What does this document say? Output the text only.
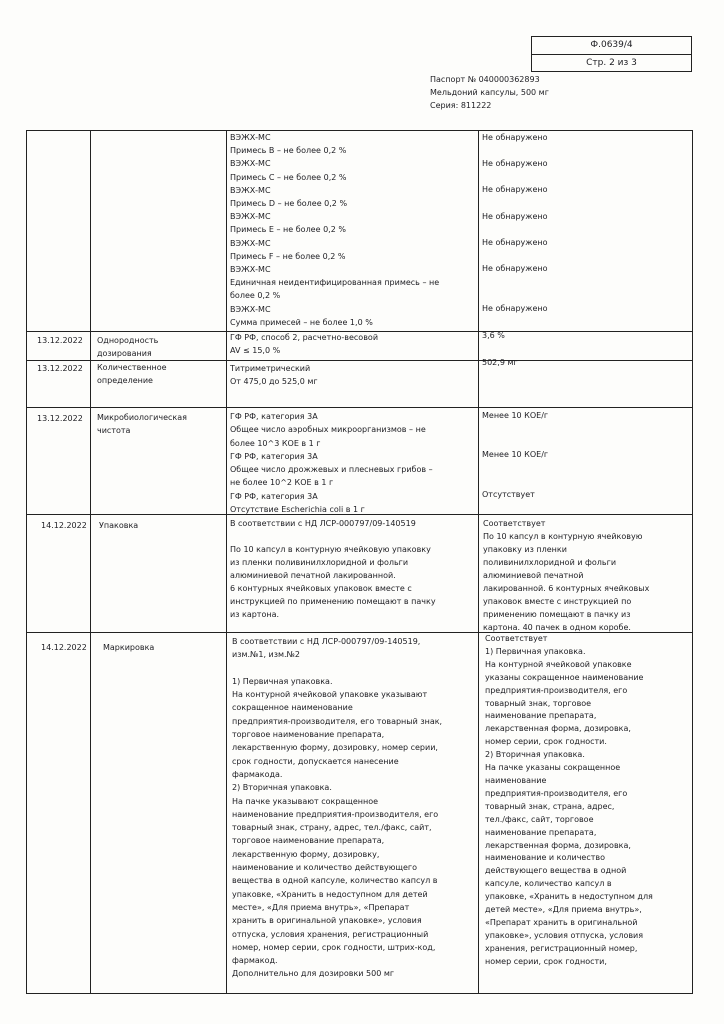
Ф.0639/4
Стр. 2 из 3
Паспорт № 040000362893
Мельдоний капсулы, 500 мг
Серия: 811222
ВЭЖХ-МС
Примесь B – не более 0,2 %
ВЭЖХ-МС
Примесь C – не более 0,2 %
ВЭЖХ-МС
Примесь D – не более 0,2 %
ВЭЖХ-МС
Примесь E – не более 0,2 %
ВЭЖХ-МС
Примесь F – не более 0,2 %
ВЭЖХ-МС
Единичная неидентифицированная примесь – не
более 0,2 %
ВЭЖХ-МС
Сумма примесей – не более 1,0 %
Не обнаружено
Не обнаружено
Не обнаружено
Не обнаружено
Не обнаружено
Не обнаружено
Не обнаружено
13.12.2022 Однородность
дозирования
ГФ РФ, способ 2, расчетно-весовой
AV ≤ 15,0 %
3,6 %
13.12.2022 Количественное
определение
Титриметрический
От 475,0 до 525,0 мг
502,9 мг
13.12.2022 Микробиологическая
чистота
ГФ РФ, категория 3А
Общее число аэробных микроорганизмов – не
более 10^3 КОЕ в 1 г
ГФ РФ, категория 3А
Общее число дрожжевых и плесневых грибов –
не более 10^2 КОЕ в 1 г
ГФ РФ, категория 3А
Отсутствие Escherichia coli в 1 г
Менее 10 КОЕ/г
Менее 10 КОЕ/г
Отсутствует
14.12.2022 Упаковка	В соответствии с НД ЛСР-000797/09-140519

По 10 капсул в контурную ячейковую упаковку
из пленки поливинилхлоридной и фольги
алюминиевой печатной лакированной.
6 контурных ячейковых упаковок вместе с
инструкцией по применению помещают в пачку
из картона.
Соответствует
По 10 капсул в контурную ячейковую
упаковку из пленки
поливинилхлоридной и фольги
алюминиевой печатной
лакированной. 6 контурных ячейковых
упаковок вместе с инструкцией по
применению помещают в пачку из
картона. 40 пачек в одном коробе.
14.12.2022 Маркировка
В соответствии с НД ЛСР-000797/09-140519,
изм.№1, изм.№2

1) Первичная упаковка.
На контурной ячейковой упаковке указывают
сокращенное наименование
предприятия-производителя, его товарный знак,
торговое наименование препарата,
лекарственную форму, дозировку, номер серии,
срок годности, допускается нанесение
фармакода.
2) Вторичная упаковка.
На пачке указывают сокращенное
наименование предприятия-производителя, его
товарный знак, страну, адрес, тел./факс, сайт,
торговое наименование препарата,
лекарственную форму, дозировку,
наименование и количество действующего
вещества в одной капсуле, количество капсул в
упаковке, «Хранить в недоступном для детей
месте», «Для приема внутрь», «Препарат
хранить в оригинальной упаковке», условия
отпуска, условия хранения, регистрационный
номер, номер серии, срок годности, штрих-код,
фармакод.
Дополнительно для дозировки 500 мг
Соответствует
1) Первичная упаковка.
На контурной ячейковой упаковке
указаны сокращенное наименование
предприятия-производителя, его
товарный знак, торговое
наименование препарата,
лекарственная форма, дозировка,
номер серии, срок годности.
2) Вторичная упаковка.
На пачке указаны сокращенное
наименование
предприятия-производителя, его
товарный знак, страна, адрес,
тел./факс, сайт, торговое
наименование препарата,
лекарственная форма, дозировка,
наименование и количество
действующего вещества в одной
капсуле, количество капсул в
упаковке, «Хранить в недоступном для
детей месте», «Для приема внутрь»,
«Препарат хранить в оригинальной
упаковке», условия отпуска, условия
хранения, регистрационный номер,
номер серии, срок годности,
